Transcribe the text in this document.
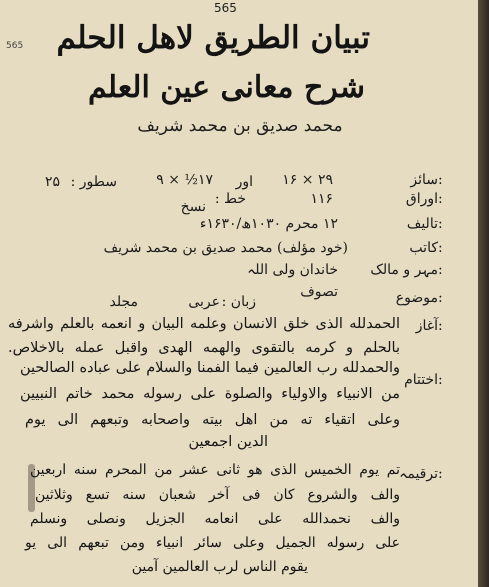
565
565 تبیان الطریق لاهل الحلم
شرح معانی عین العلم
محمد صدیق بن محمد شریف
سائز :
۲۹ × ۱۶
اور
۱۷½ × ۹
سطور :
۲۵
اوراق :
۱۱۶
خط :
نسخ
تالیف :
۱۲ محرم ۱۰۳۰ھ/۱۶۳۰ء
کاتب :
(خود مؤلف) محمد صدیق بن محمد شریف
مہر و مالک :
خاندان ولی اللہ
موضوع :
تصوف
زبان :
عربی
مجلد
آغاز :
الحمدلله الذی خلق الانسان وعلمه البیان و انعمه بالعلم واشرفه
بالحلم و کرمه بالتقوی والهمه الهدی واقبل عمله بالاخلاص.
اختتام :
والحمدلله رب العالمین فیما الفمنا والسلام علی عباده الصالحین
من الانبیاء والاولیاء والصلوة علی رسوله محمد خاتم النبیین
وعلی اتقیاء ته من اهل بیته واصحابه وتبعهم الی یوم
الدین اجمعین
ترقیمہ :
تم یوم الخمیس الذی هو ثانی عشر من المحرم سنه اربعین
والف والشروع کان فی آخر شعبان سنه تسع وثلاثین
والف نحمدالله علی انعامه الجزیل ونصلی ونسلم
علی رسوله الجمیل وعلی سائر انبیاء ومن تبعهم الی یو
یقوم الناس لرب العالمین آمین
